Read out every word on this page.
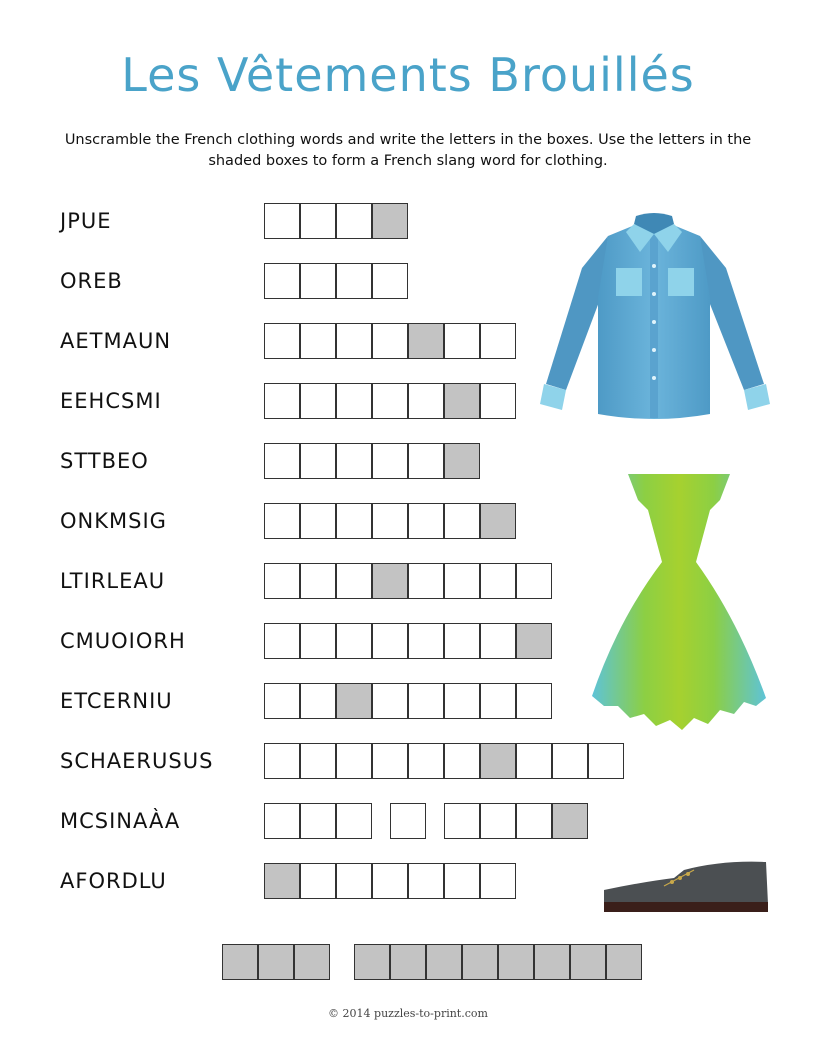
Les Vêtements Brouillés

Unscramble the French clothing words and write the letters in the boxes. Use the letters in the shaded boxes to form a French slang word for clothing.

JPUE
OREB
AETMAUN
EEHCSMI
STTBEO
ONKMSIG
LTIRLEAU
CMUOIORH
ETCERNIU
SCHAERUSUS
MCSINAÀA
AFORDLU
© 2014 puzzles-to-print.com
